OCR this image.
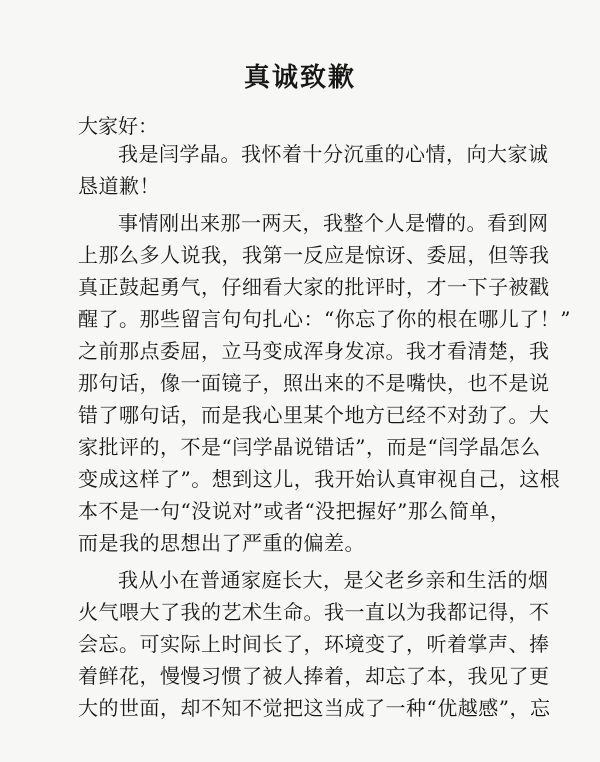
真诚致歉

大家好：

我是闫学晶。我怀着十分沉重的心情，向大家诚
恳道歉！

事情刚出来那一两天，我整个人是懵的。看到网
上那么多人说我，我第一反应是惊讶、委屈，但等我
真正鼓起勇气，仔细看大家的批评时，才一下子被戳
醒了。那些留言句句扎心：“你忘了你的根在哪儿了！”
之前那点委屈，立马变成浑身发凉。我才看清楚，我
那句话，像一面镜子，照出来的不是嘴快，也不是说
错了哪句话，而是我心里某个地方已经不对劲了。大
家批评的，不是“闫学晶说错话”，而是“闫学晶怎么
变成这样了”。想到这儿，我开始认真审视自己，这根
本不是一句“没说对”或者“没把握好”那么简单，
而是我的思想出了严重的偏差。

我从小在普通家庭长大，是父老乡亲和生活的烟
火气喂大了我的艺术生命。我一直以为我都记得，不
会忘。可实际上时间长了，环境变了，听着掌声、捧
着鲜花，慢慢习惯了被人捧着，却忘了本，我见了更
大的世面，却不知不觉把这当成了一种“优越感”，忘
